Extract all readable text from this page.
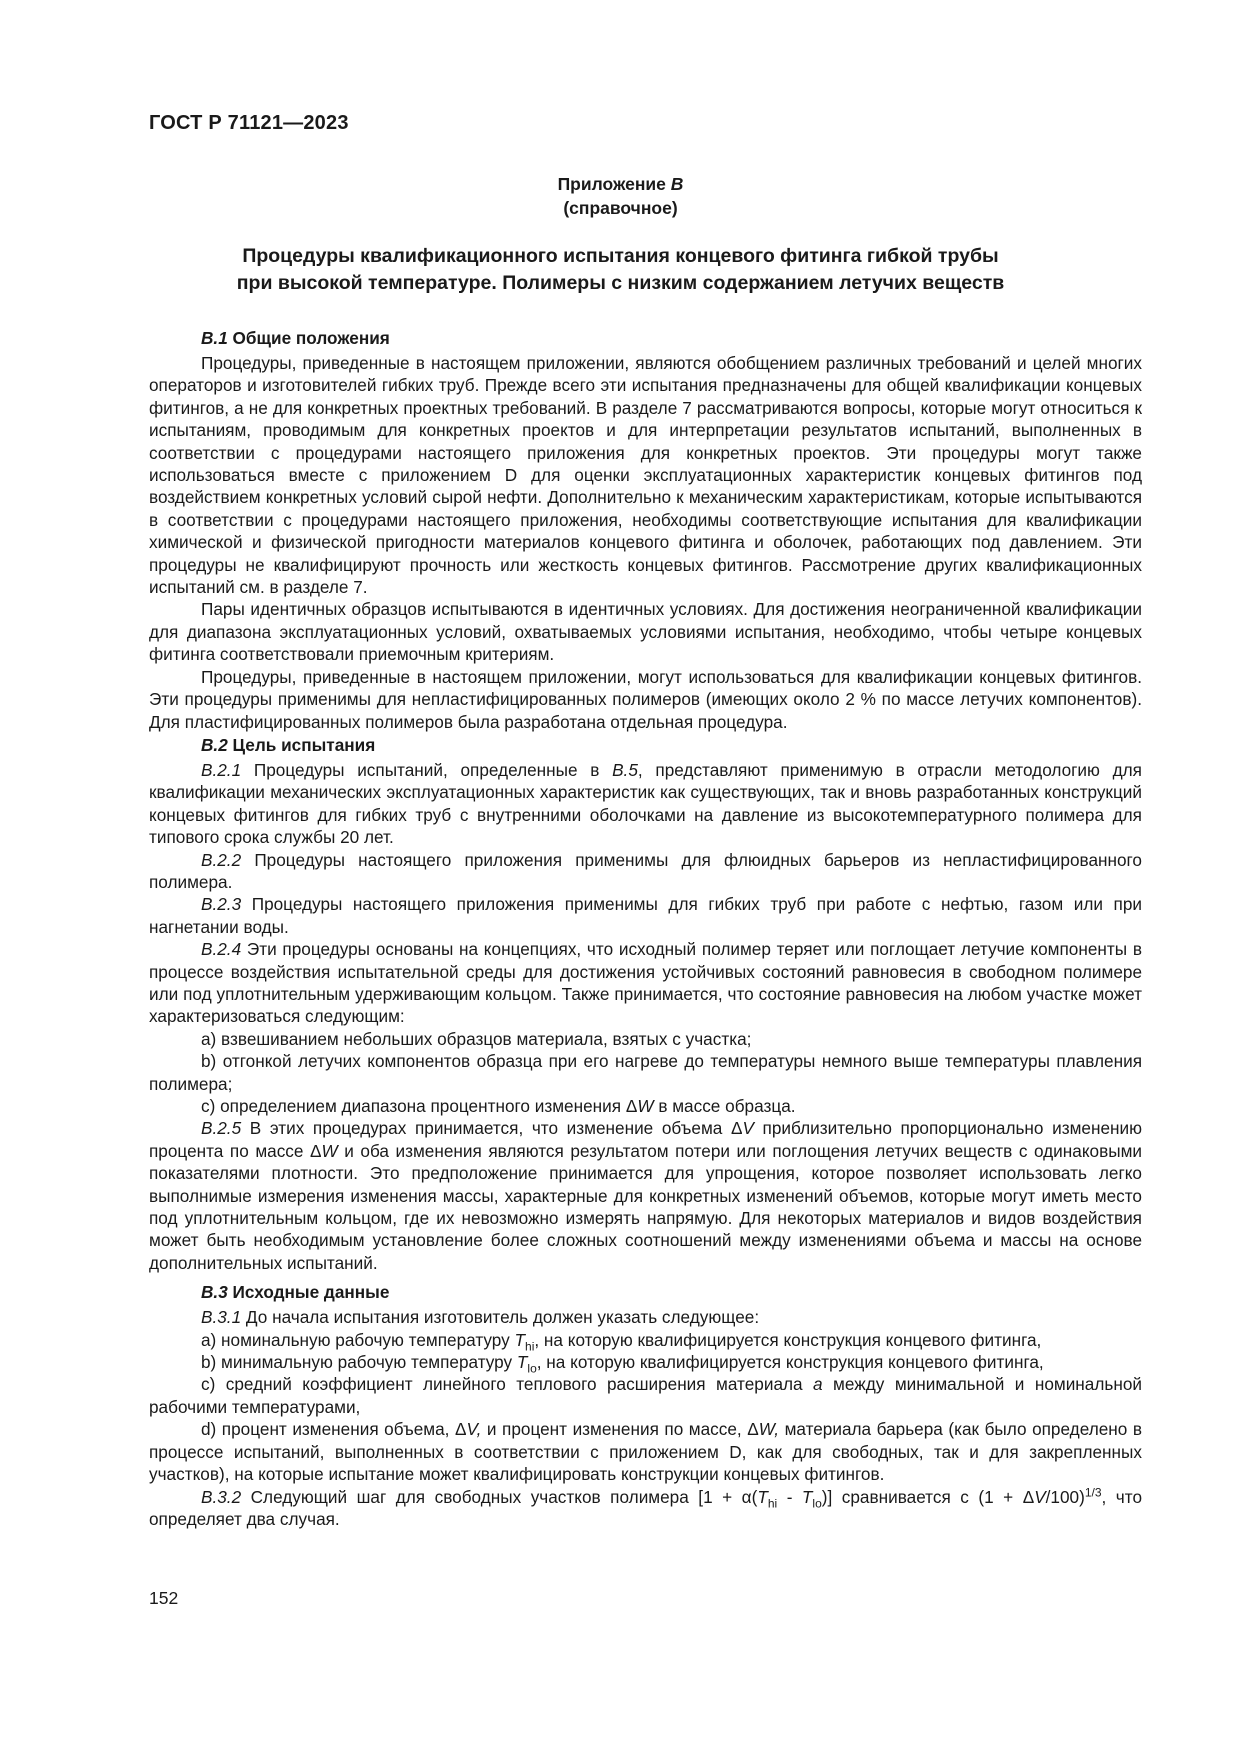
ГОСТ Р 71121—2023
Приложение B
(справочное)
Процедуры квалификационного испытания концевого фитинга гибкой трубы
при высокой температуре. Полимеры с низким содержанием летучих веществ
B.1 Общие положения

Процедуры, приведенные в настоящем приложении, являются обобщением различных требований и целей многих операторов и изготовителей гибких труб. Прежде всего эти испытания предназначены для общей квалификации концевых фитингов, а не для конкретных проектных требований. В разделе 7 рассматриваются вопросы, которые могут относиться к испытаниям, проводимым для конкретных проектов и для интерпретации результатов испытаний, выполненных в соответствии с процедурами настоящего приложения для конкретных проектов. Эти процедуры могут также использоваться вместе с приложением D для оценки эксплуатационных характеристик концевых фитингов под воздействием конкретных условий сырой нефти. Дополнительно к механическим характеристикам, которые испытываются в соответствии с процедурами настоящего приложения, необходимы соответствующие испытания для квалификации химической и физической пригодности материалов концевого фитинга и оболочек, работающих под давлением. Эти процедуры не квалифицируют прочность или жесткость концевых фитингов. Рассмотрение других квалификационных испытаний см. в разделе 7.

Пары идентичных образцов испытываются в идентичных условиях. Для достижения неограниченной квалификации для диапазона эксплуатационных условий, охватываемых условиями испытания, необходимо, чтобы четыре концевых фитинга соответствовали приемочным критериям.

Процедуры, приведенные в настоящем приложении, могут использоваться для квалификации концевых фитингов. Эти процедуры применимы для непластифицированных полимеров (имеющих около 2 % по массе летучих компонентов). Для пластифицированных полимеров была разработана отдельная процедура.

B.2 Цель испытания

B.2.1 Процедуры испытаний, определенные в B.5, представляют применимую в отрасли методологию для квалификации механических эксплуатационных характеристик как существующих, так и вновь разработанных конструкций концевых фитингов для гибких труб с внутренними оболочками на давление из высокотемпературного полимера для типового срока службы 20 лет.

B.2.2 Процедуры настоящего приложения применимы для флюидных барьеров из непластифицированного полимера.

B.2.3 Процедуры настоящего приложения применимы для гибких труб при работе с нефтью, газом или при нагнетании воды.

B.2.4 Эти процедуры основаны на концепциях, что исходный полимер теряет или поглощает летучие компоненты в процессе воздействия испытательной среды для достижения устойчивых состояний равновесия в свободном полимере или под уплотнительным удерживающим кольцом. Также принимается, что состояние равновесия на любом участке может характеризоваться следующим:

a) взвешиванием небольших образцов материала, взятых с участка;

b) отгонкой летучих компонентов образца при его нагреве до температуры немного выше температуры плавления полимера;

c) определением диапазона процентного изменения ΔW в массе образца.

B.2.5 В этих процедурах принимается, что изменение объема ΔV приблизительно пропорционально изменению процента по массе ΔW и оба изменения являются результатом потери или поглощения летучих веществ с одинаковыми показателями плотности. Это предположение принимается для упрощения, которое позволяет использовать легко выполнимые измерения изменения массы, характерные для конкретных изменений объемов, которые могут иметь место под уплотнительным кольцом, где их невозможно измерять напрямую. Для некоторых материалов и видов воздействия может быть необходимым установление более сложных соотношений между изменениями объема и массы на основе дополнительных испытаний.

B.3 Исходные данные

B.3.1 До начала испытания изготовитель должен указать следующее:

a) номинальную рабочую температуру $T_{hi}$, на которую квалифицируется конструкция концевого фитинга,

b) минимальную рабочую температуру $T_{lo}$, на которую квалифицируется конструкция концевого фитинга,

c) средний коэффициент линейного теплового расширения материала a между минимальной и номинальной рабочими температурами,

d) процент изменения объема, ΔV, и процент изменения по массе, ΔW, материала барьера (как было определено в процессе испытаний, выполненных в соответствии с приложением D, как для свободных, так и для закрепленных участков), на которые испытание может квалифицировать конструкции концевых фитингов.

B.3.2 Следующий шаг для свободных участков полимера $[1 + \alpha(T_{hi} - T_{lo})]$ сравнивается с $(1 + \Delta V/100)^{1/3}$, что определяет два случая.

152
